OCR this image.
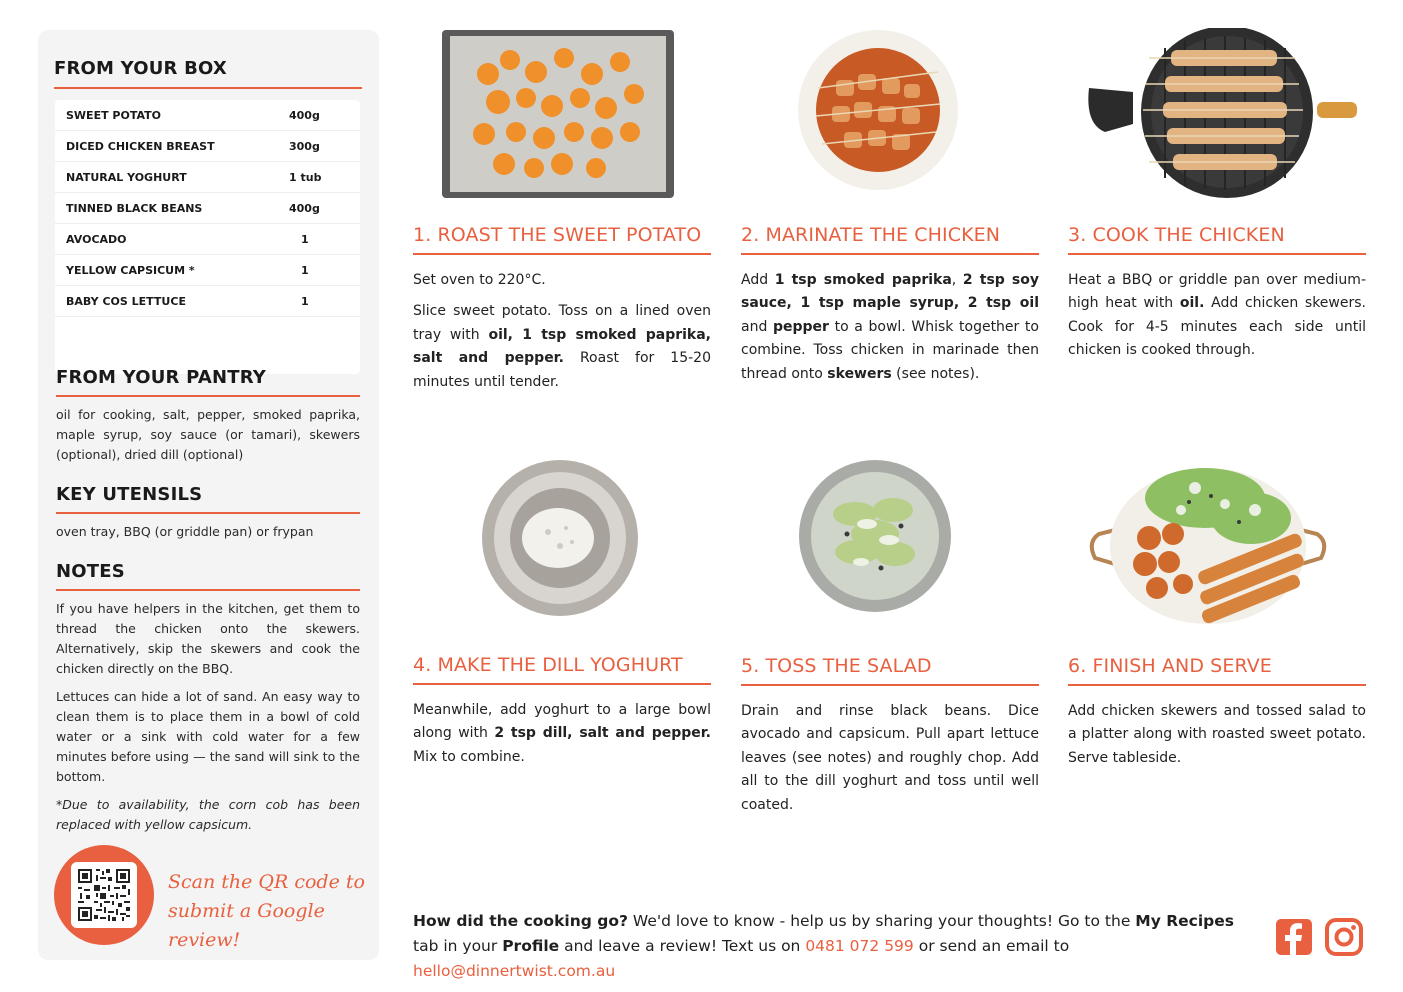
FROM YOUR BOX
SWEET POTATO	400g
DICED CHICKEN BREAST	300g
NATURAL YOGHURT	1 tub
TINNED BLACK BEANS	400g
AVOCADO	1
YELLOW CAPSICUM *	1
BABY COS LETTUCE	1
FROM YOUR PANTRY

oil for cooking, salt, pepper, smoked paprika, maple syrup, soy sauce (or tamari), skewers (optional), dried dill (optional)

KEY UTENSILS

oven tray, BBQ (or griddle pan) or frypan

NOTES

If you have helpers in the kitchen, get them to thread the chicken onto the skewers. Alternatively, skip the skewers and cook the chicken directly on the BBQ.

Lettuces can hide a lot of sand. An easy way to clean them is to place them in a bowl of cold water or a sink with cold water for a few minutes before using — the sand will sink to the bottom.

*Due to availability, the corn cob has been replaced with yellow capsicum.

Scan the QR code to
submit a Google review!
1. ROAST THE SWEET POTATO

Set oven to 220°C.

Slice sweet potato. Toss on a lined oven tray with oil, 1 tsp smoked paprika, salt and pepper. Roast for 15-20 minutes until tender.

2. MARINATE THE CHICKEN

Add 1 tsp smoked paprika, 2 tsp soy sauce, 1 tsp maple syrup, 2 tsp oil and pepper to a bowl. Whisk together to combine. Toss chicken in marinade then thread onto skewers (see notes).

3. COOK THE CHICKEN

Heat a BBQ or griddle pan over medium-high heat with oil. Add chicken skewers. Cook for 4-5 minutes each side until chicken is cooked through.

4. MAKE THE DILL YOGHURT

Meanwhile, add yoghurt to a large bowl along with 2 tsp dill, salt and pepper. Mix to combine.

5. TOSS THE SALAD

Drain and rinse black beans. Dice avocado and capsicum. Pull apart lettuce leaves (see notes) and roughly chop. Add all to the dill yoghurt and toss until well coated.

6. FINISH AND SERVE

Add chicken skewers and tossed salad to a platter along with roasted sweet potato. Serve tableside.

How did the cooking go? We'd love to know - help us by sharing your thoughts! Go to the My Recipes tab in your Profile and leave a review! Text us on 0481 072 599 or send an email to hello@dinnertwist.com.au
